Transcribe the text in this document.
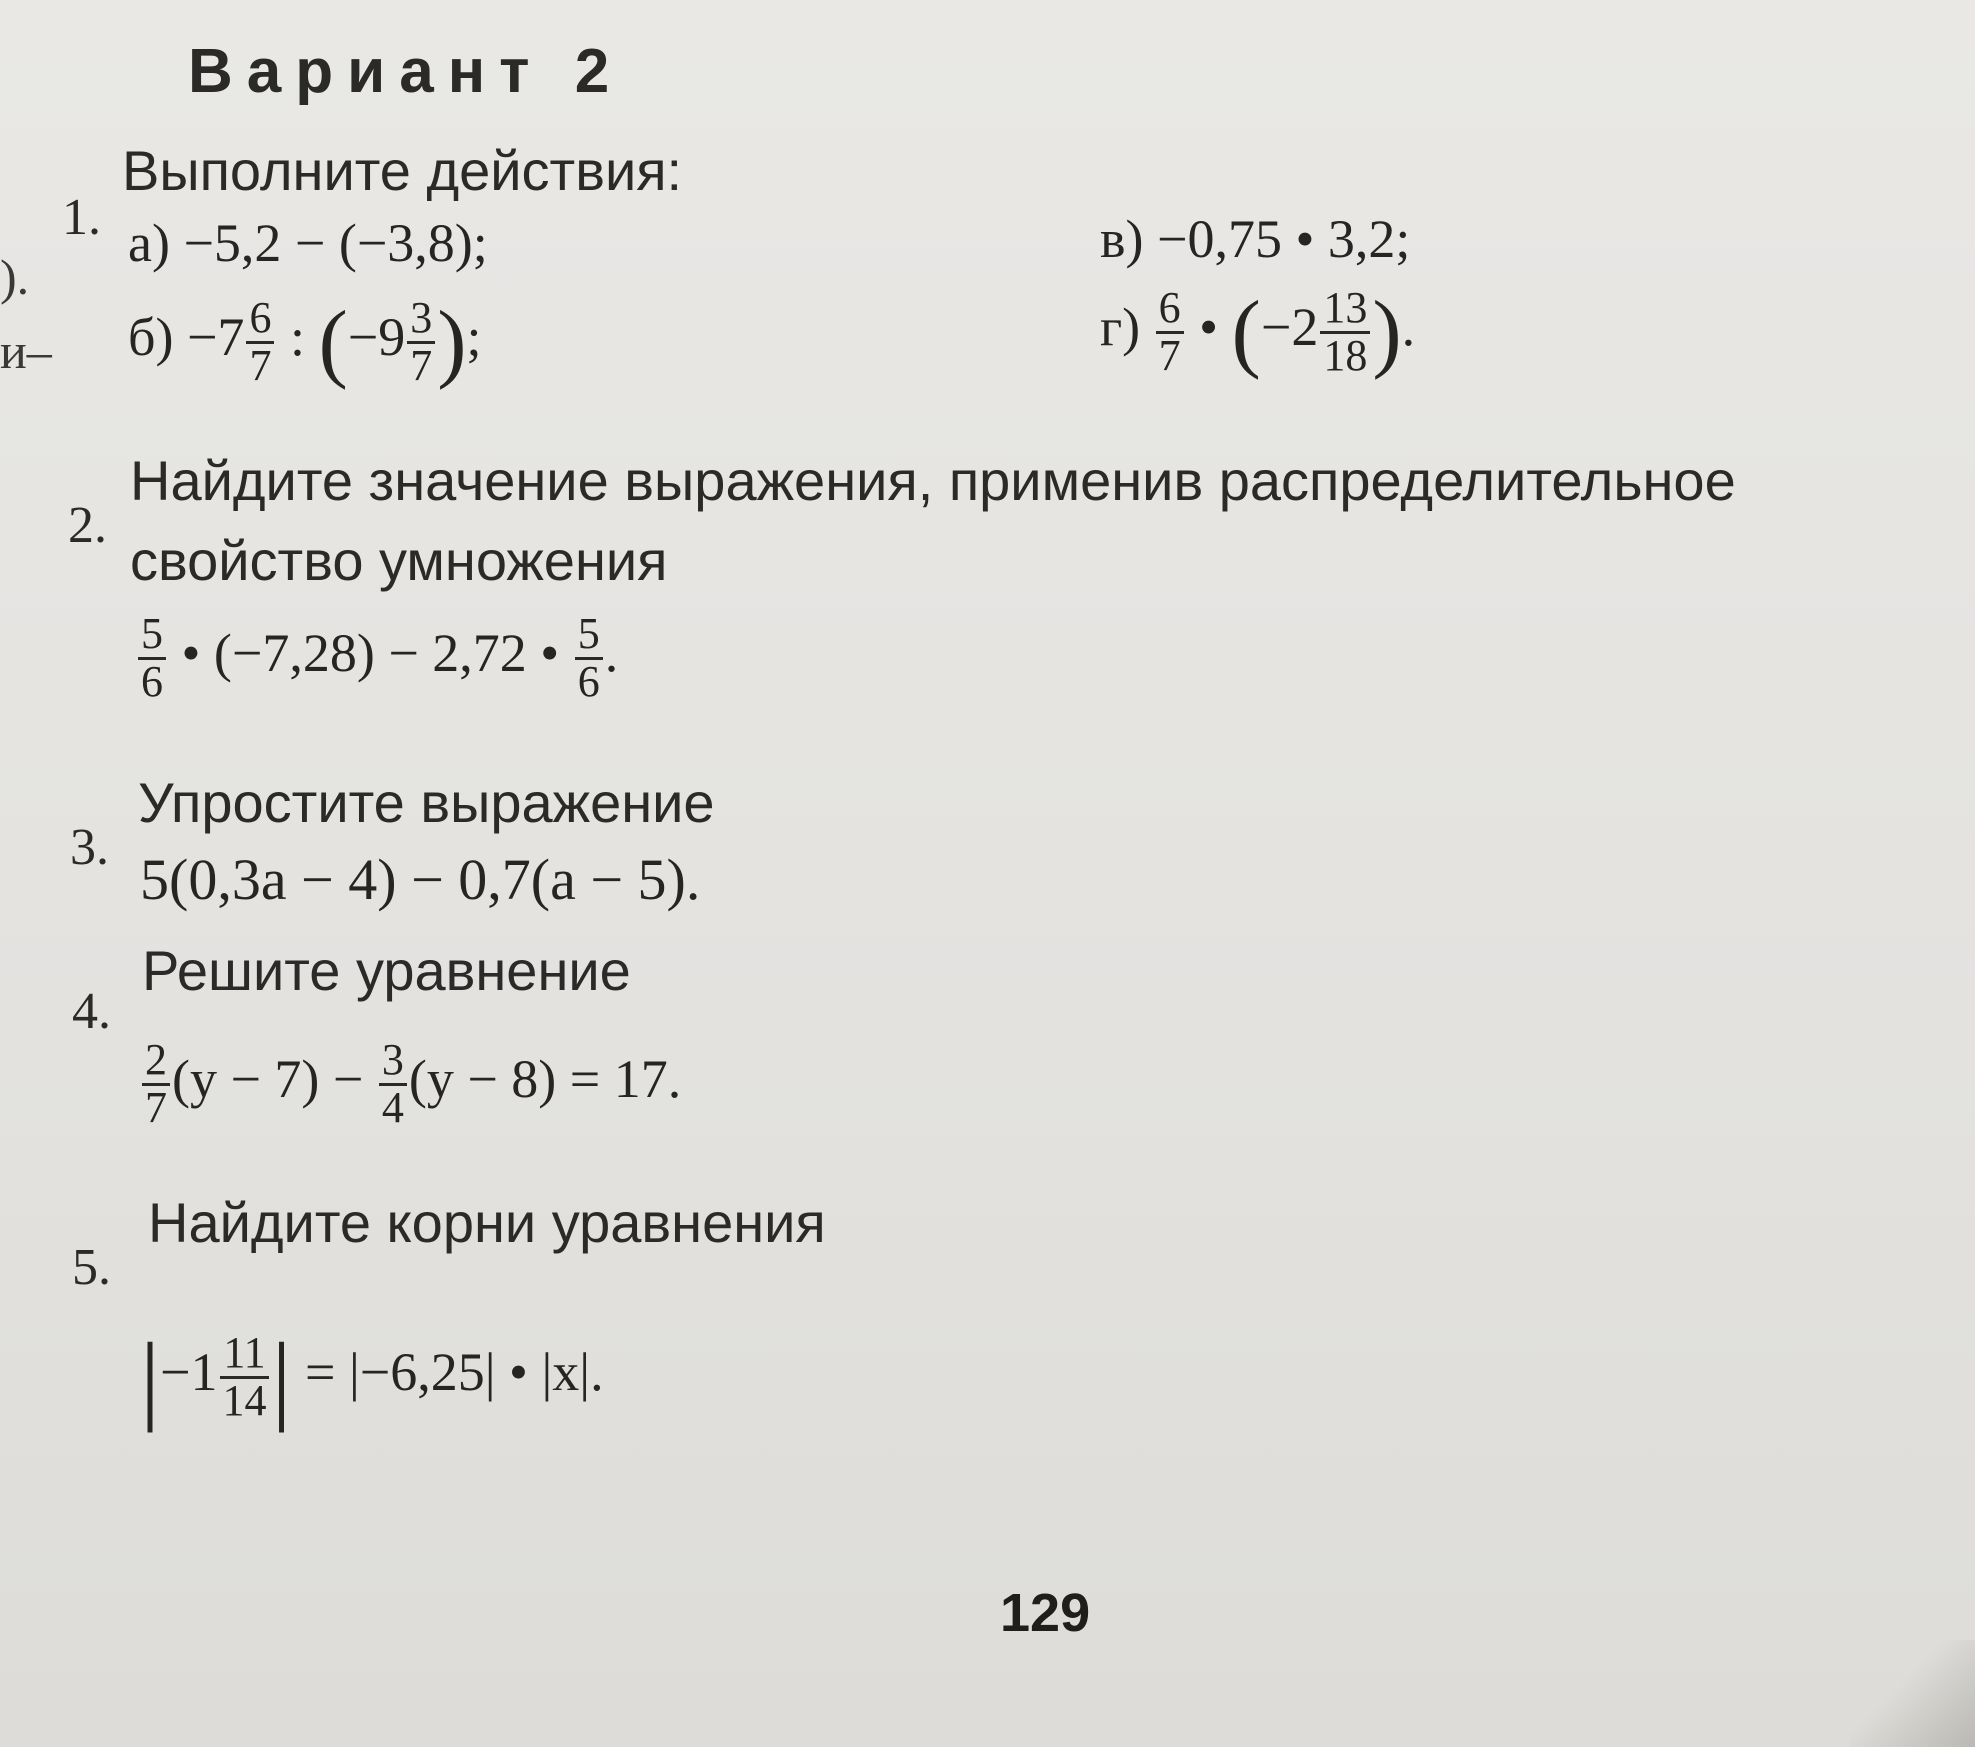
).
и–
Вариант 2
1.
Выполните действия:
а) −5,2 − (−3,8);
$б) -7 \frac{6}{7}$ : ($-9 \frac{3}{7}$ );
в) −0,75 • 3,2;
$г) \frac{6}{7}$ • ($-2 \frac{13}{18}$ ).
2.
Найдите значение выражения, применив распределительное
свойство умножения
$\frac{5}{6}$ • (−7,28) − 2,72 • $\frac{5}{6}$ .
3.
Упростите выражение
5(0,3a − 4) − 0,7(a − 5).
4.
Решите уравнение
$\frac{2}{7} (y - 7) - \frac{3}{4} (y - 8) = 17$.
5.
Найдите корни уравнения
$|-1 \frac{11}{14}$ | = |−6,25| • |x|.
129
